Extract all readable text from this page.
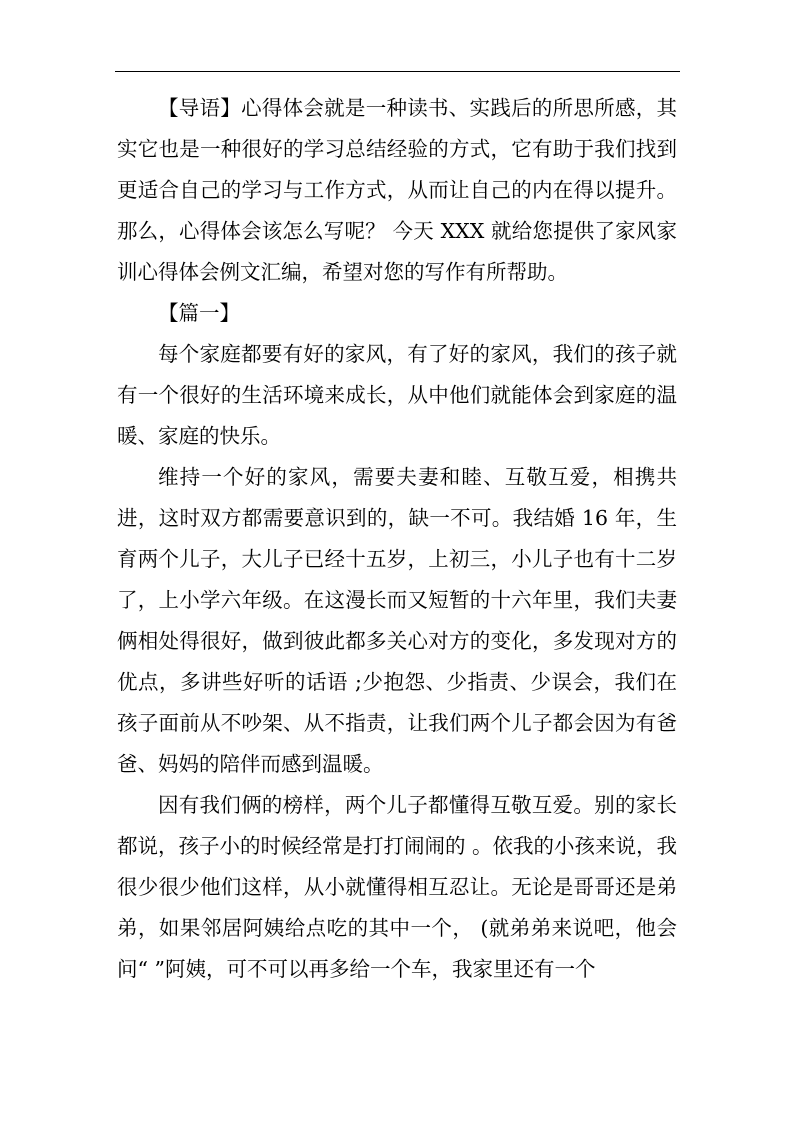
【导语】心得体会就是一种读书、实践后的所思所感，其实它也是一种很好的学习总结经验的方式，它有助于我们找到更适合自己的学习与工作方式，从而让自己的内在得以提升。那么，心得体会该怎么写呢？ 今天 XXX 就给您提供了家风家训心得体会例文汇编，希望对您的写作有所帮助。

【篇一】

每个家庭都要有好的家风，有了好的家风，我们的孩子就有一个很好的生活环境来成长，从中他们就能体会到家庭的温暖、家庭的快乐。

维持一个好的家风，需要夫妻和睦、互敬互爱，相携共进，这时双方都需要意识到的，缺一不可。我结婚 16 年，生育两个儿子，大儿子已经十五岁，上初三，小儿子也有十二岁了，上小学六年级。在这漫长而又短暂的十六年里，我们夫妻俩相处得很好，做到彼此都多关心对方的变化，多发现对方的优点，多讲些好听的话语 ;少抱怨、少指责、少误会，我们在孩子面前从不吵架、从不指责，让我们两个儿子都会因为有爸爸、妈妈的陪伴而感到温暖。

因有我们俩的榜样，两个儿子都懂得互敬互爱。别的家长都说，孩子小的时候经常是打打闹闹的 。依我的小孩来说，我很少很少他们这样，从小就懂得相互忍让。无论是哥哥还是弟弟，如果邻居阿姨给点吃的其中一个， (就弟弟来说吧，他会问“ ”阿姨，可不可以再多给一个车，我家里还有一个
